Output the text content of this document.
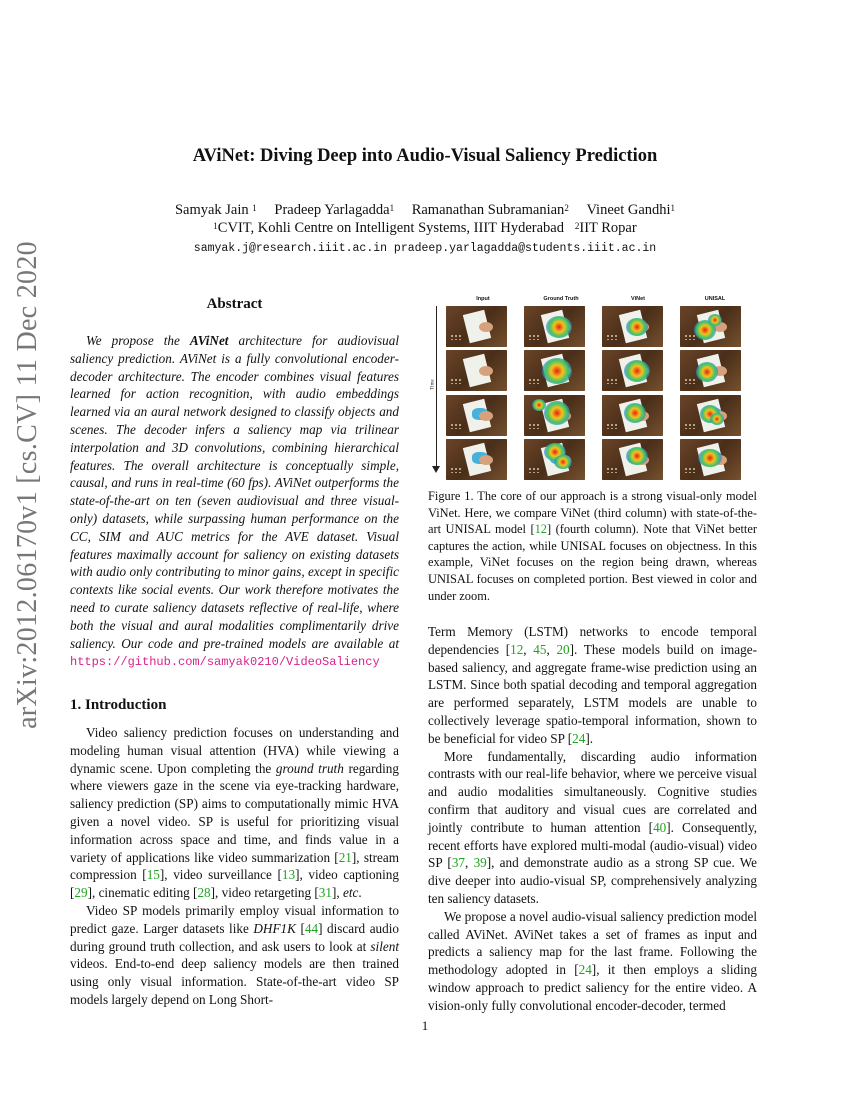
AViNet: Diving Deep into Audio-Visual Saliency Prediction
Samyak Jain $^1$ Pradeep Yarlagadda$^1$ Ramanathan Subramanian$^2$ Vineet Gandhi$^1$
$^1$CVIT, Kohli Centre on Intelligent Systems, IIIT Hyderabad $^2$IIT Ropar
samyak.j@research.iiit.ac.in pradeep.yarlagadda@students.iiit.ac.in
arXiv:2012.06170v1 [cs.CV] 11 Dec 2020	Abstract

We propose the AViNet architecture for audiovisual saliency prediction. AViNet is a fully convolutional encoder-decoder architecture. The encoder combines visual features learned for action recognition, with audio embeddings learned via an aural network designed to classify objects and scenes. The decoder infers a saliency map via trilinear interpolation and 3D convolutions, combining hierarchical features. The overall architecture is conceptually simple, causal, and runs in real-time (60 fps). AViNet outperforms the state-of-the-art on ten (seven audiovisual and three visual-only) datasets, while surpassing human performance on the CC, SIM and AUC metrics for the AVE dataset. Visual features maximally account for saliency on existing datasets with audio only contributing to minor gains, except in specific contexts like social events. Our work therefore motivates the need to curate saliency datasets reflective of real-life, where both the visual and aural modalities complimentarily drive saliency. Our code and pre-trained models are available at https://github.com/samyak0210/VideoSaliency

1. Introduction

Video saliency prediction focuses on understanding and modeling human visual attention (HVA) while viewing a dynamic scene. Upon completing the ground truth regarding where viewers gaze in the scene via eye-tracking hardware, saliency prediction (SP) aims to computationally mimic HVA given a novel video. SP is useful for prioritizing visual information across space and time, and finds value in a variety of applications like video summarization [21], stream compression [15], video surveillance [13], video captioning [29], cinematic editing [28], video retargeting [31], etc.

Video SP models primarily employ visual information to predict gaze. Larger datasets like DHF1K [44] discard audio during ground truth collection, and ask users to look at silent videos. End-to-end deep saliency models are then trained using only visual information. State-of-the-art video SP models largely depend on Long Short-

Time
Input	Ground Truth	ViNet	UNISAL
Figure 1. The core of our approach is a strong visual-only model ViNet. Here, we compare ViNet (third column) with state-of-the-art UNISAL model [12] (fourth column). Note that ViNet better captures the action, while UNISAL focuses on objectness. In this example, ViNet focuses on the region being drawn, whereas UNISAL focuses on completed portion. Best viewed in color and under zoom.

Term Memory (LSTM) networks to encode temporal dependencies [12, 45, 20]. These models build on image-based saliency, and aggregate frame-wise prediction using an LSTM. Since both spatial decoding and temporal aggregation are performed separately, LSTM models are unable to collectively leverage spatio-temporal information, shown to be beneficial for video SP [24].

More fundamentally, discarding audio information contrasts with our real-life behavior, where we perceive visual and audio modalities simultaneously. Cognitive studies confirm that auditory and visual cues are correlated and jointly contribute to human attention [40]. Consequently, recent efforts have explored multi-modal (audio-visual) video SP [37, 39], and demonstrate audio as a strong SP cue. We dive deeper into audio-visual SP, comprehensively analyzing ten saliency datasets.

We propose a novel audio-visual saliency prediction model called AViNet. AViNet takes a set of frames as input and predicts a saliency map for the last frame. Following the methodology adopted in [24], it then employs a sliding window approach to predict saliency for the entire video. A vision-only fully convolutional encoder-decoder, termed

1
